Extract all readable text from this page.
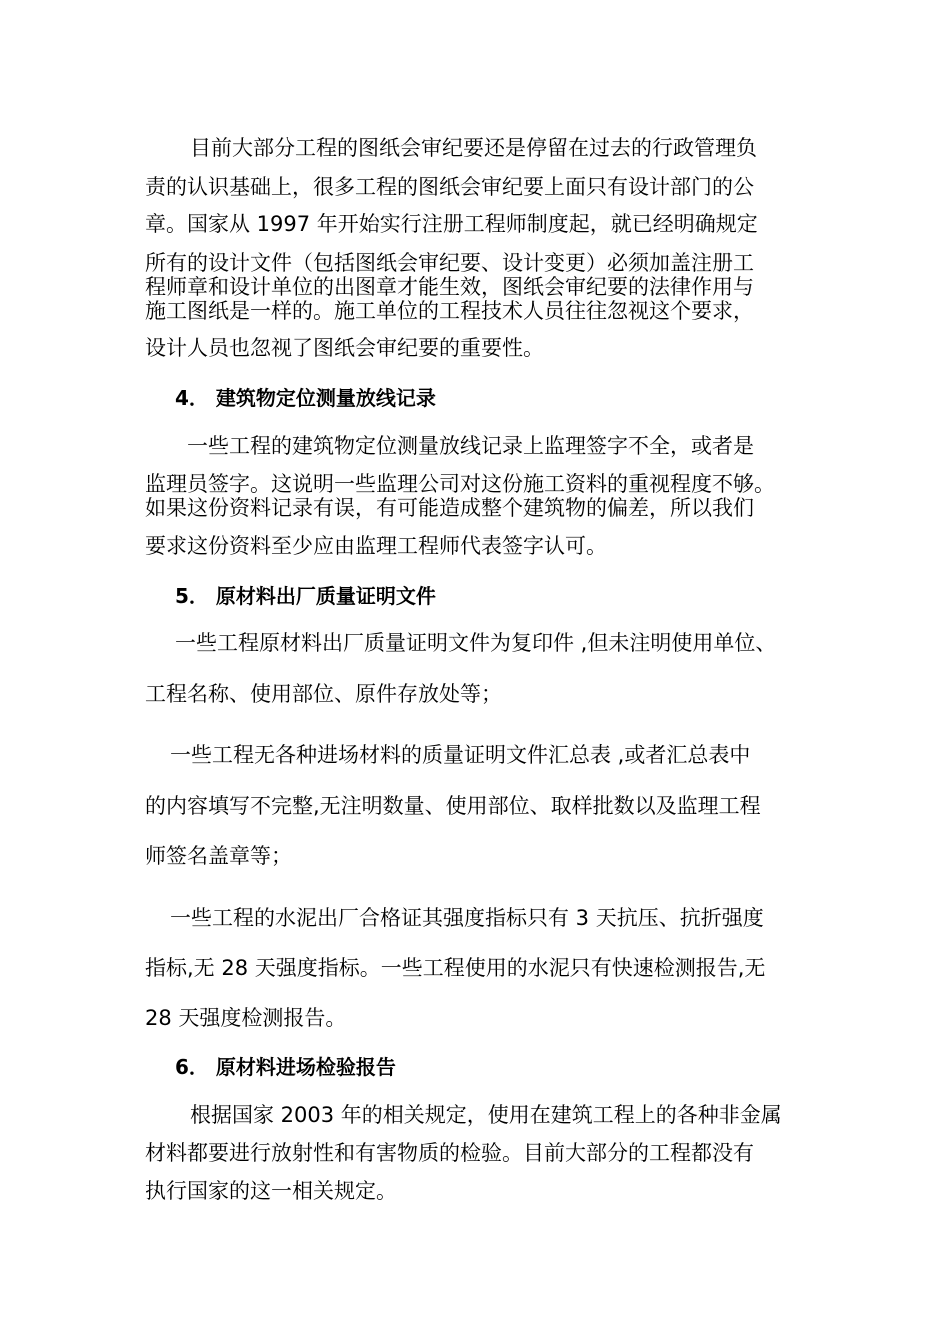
目前大部分工程的图纸会审纪要还是停留在过去的行政管理负
责的认识基础上，很多工程的图纸会审纪要上面只有设计部门的公
章。国家从 1997 年开始实行注册工程师制度起，就已经明确规定
所有的设计文件（包括图纸会审纪要、设计变更）必须加盖注册工
程师章和设计单位的出图章才能生效，图纸会审纪要的法律作用与
施工图纸是一样的。施工单位的工程技术人员往往忽视这个要求，
设计人员也忽视了图纸会审纪要的重要性。
4． 建筑物定位测量放线记录
一些工程的建筑物定位测量放线记录上监理签字不全，或者是
监理员签字。这说明一些监理公司对这份施工资料的重视程度不够。
如果这份资料记录有误，有可能造成整个建筑物的偏差，所以我们
要求这份资料至少应由监理工程师代表签字认可。
5． 原材料出厂质量证明文件
一些工程原材料出厂质量证明文件为复印件 ,但未注明使用单位、
工程名称、使用部位、原件存放处等；
一些工程无各种进场材料的质量证明文件汇总表 ,或者汇总表中
的内容填写不完整,无注明数量、使用部位、取样批数以及监理工程
师签名盖章等；
一些工程的水泥出厂合格证其强度指标只有 3 天抗压、抗折强度
指标,无 28 天强度指标。一些工程使用的水泥只有快速检测报告,无
28 天强度检测报告。
6． 原材料进场检验报告
根据国家 2003 年的相关规定，使用在建筑工程上的各种非金属
材料都要进行放射性和有害物质的检验。目前大部分的工程都没有
执行国家的这一相关规定。
